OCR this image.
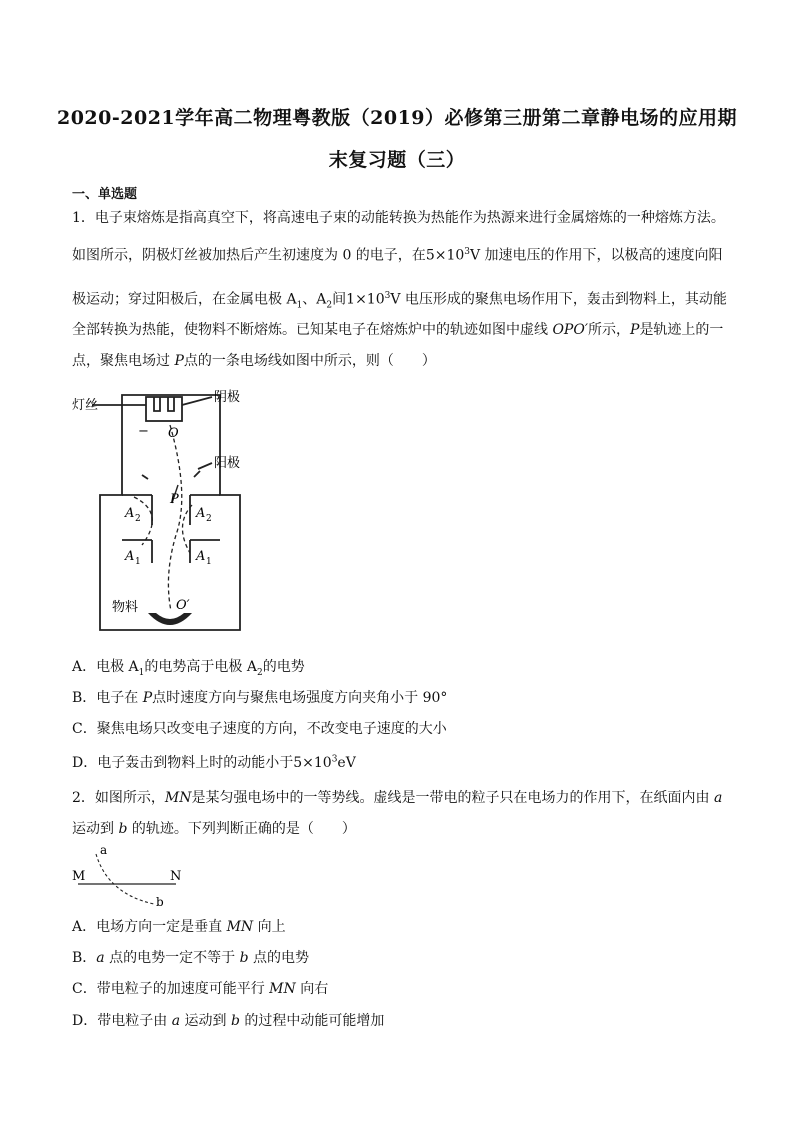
2020-2021学年高二物理粤教版（2019）必修第三册第二章静电场的应用期
末复习题（三）
一、单选题
1．电子束熔炼是指高真空下，将高速电子束的动能转换为热能作为热源来进行金属熔炼的一种熔炼方法。
如图所示，阴极灯丝被加热后产生初速度为 0 的电子，在$5\times 10^3V$ 加速电压的作用下，以极高的速度向阳
极运动；穿过阳极后，在金属电极 $A_1$、$A_2$间$1\times 10^3V$ 电压形成的聚焦电场作用下，轰击到物料上，其动能
全部转换为热能，使物料不断熔炼。已知某电子在熔炼炉中的轨迹如图中虚线 OPO′所示，P是轨迹上的一
点，聚焦电场过 P点的一条电场线如图中所示，则（　　）
灯丝
阴极
阳极
− O
P
A 2	A 2
A 1	A 1
物料	O′
A．电极 $A_1$的电势高于电极 $A_2$的电势
B．电子在 P点时速度方向与聚焦电场强度方向夹角小于 90°
C．聚焦电场只改变电子速度的方向，不改变电子速度的大小
D．电子轰击到物料上时的动能小于$5\times 10^3eV$
2．如图所示，MN是某匀强电场中的一等势线。虚线是一带电的粒子只在电场力的作用下，在纸面内由 a
运动到 b 的轨迹。下列判断正确的是（　　）
a
b
M	N
A．电场方向一定是垂直 MN 向上
B．a 点的电势一定不等于 b 点的电势
C．带电粒子的加速度可能平行 MN 向右
D．带电粒子由 a 运动到 b 的过程中动能可能增加
